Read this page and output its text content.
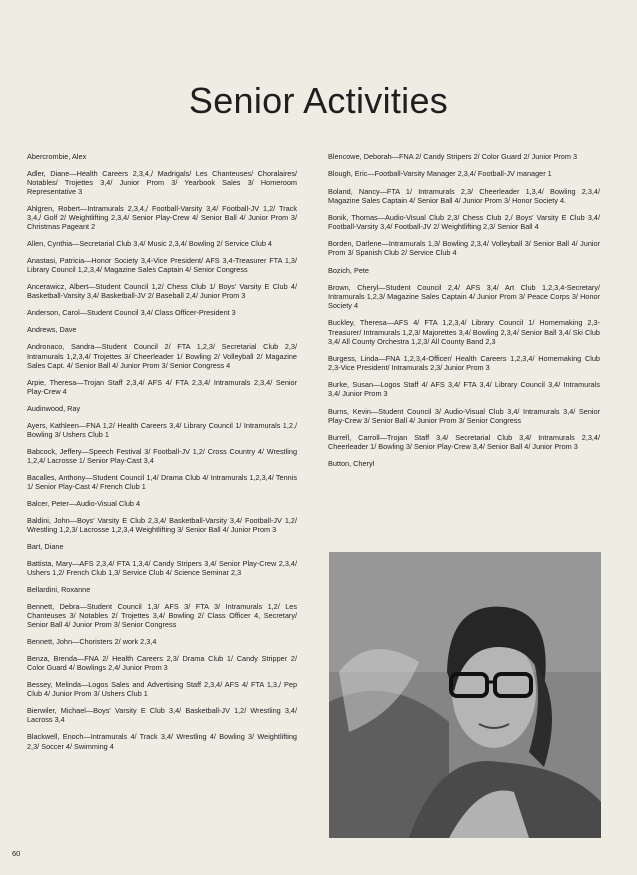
Senior Activities

Abercrombie, Alex

Adler, Diane—Health Careers 2,3,4,/ Madrigals/ Les Chanteuses/ Choralaires/ Notables/ Trojettes 3,4/ Junior Prom 3/ Yearbook Sales 3/ Homeroom Representative 3

Ahlgren, Robert—Intramurals 2,3,4,/ Football-Varsity 3,4/ Football-JV 1,2/ Track 3,4,/ Golf 2/ Weightlifting 2,3,4/ Senior Play-Crew 4/ Senior Ball 4/ Junior Prom 3/ Christmas Pageant 2

Allen, Cynthia—Secretarial Club 3,4/ Music 2,3,4/ Bowling 2/ Service Club 4

Anastasi, Patricia—Honor Society 3,4-Vice President/ AFS 3,4-Treasurer FTA 1,3/ Library Council 1,2,3,4/ Magazine Sales Captain 4/ Senior Congress

Ancerawicz, Albert—Student Council 1,2/ Chess Club 1/ Boys' Varsity E Club 4/ Basketball-Varsity 3,4/ Basketball-JV 2/ Baseball 2,4/ Junior Prom 3

Anderson, Carol—Student Council 3,4/ Class Officer-President 3

Andrews, Dave

Andronaco, Sandra—Student Council 2/ FTA 1,2,3/ Secretarial Club 2,3/ Intramurals 1,2,3,4/ Trojettes 3/ Cheerleader 1/ Bowling 2/ Volleyball 2/ Magazine Sales Capt. 4/ Senior Ball 4/ Junior Prom 3/ Senior Congress 4

Arpie, Theresa—Trojan Staff 2,3,4/ AFS 4/ FTA 2,3,4/ Intramurals 2,3,4/ Senior Play-Crew 4

Audinwood, Ray

Ayers, Kathleen—FNA 1,2/ Health Careers 3,4/ Library Council 1/ Intramurals 1,2,/ Bowling 3/ Ushers Club 1

Babcock, Jeffery—Speech Festival 3/ Football-JV 1,2/ Cross Country 4/ Wrestling 1,2,4/ Lacrosse 1/ Senior Play-Cast 3,4

Bacalles, Anthony—Student Council 1,4/ Drama Club 4/ Intramurals 1,2,3,4/ Tennis 1/ Senior Play-Cast 4/ French Club 1

Balcer, Peter—Audio-Visual Club 4

Baldini, John—Boys' Varsity E Club 2,3,4/ Basketball-Varsity 3,4/ Football-JV 1,2/ Wrestling 1,2,3/ Lacrosse 1,2,3,4 Weightlifting 3/ Senior Ball 4/ Junior Prom 3

Bart, Diane

Battista, Mary—AFS 2,3,4/ FTA 1,3,4/ Candy Stripers 3,4/ Senior Play-Crew 2,3,4/ Ushers 1,2/ French Club 1,3/ Service Club 4/ Science Seminar 2,3

Bellardini, Roxanne

Bennett, Debra—Student Council 1,3/ AFS 3/ FTA 3/ Intramurals 1,2/ Les Chanteuses 3/ Notables 2/ Trojettes 3,4/ Bowling 2/ Class Officer 4, Secretary/ Senior Ball 4/ Junior Prom 3/ Senior Congress

Bennett, John—Choristers 2/ work 2,3,4

Benza, Brenda—FNA 2/ Health Careers 2,3/ Drama Club 1/ Candy Stripper 2/ Color Guard 4/ Bowlings 2,4/ Junior Prom 3

Bessey, Melinda—Logos Sales and Advertising Staff 2,3,4/ AFS 4/ FTA 1,3,/ Pep Club 4/ Junior Prom 3/ Ushers Club 1

Bierwiler, Michael—Boys' Varsity E Club 3,4/ Basketball-JV 1,2/ Wrestling 3,4/ Lacross 3,4

Blackwell, Enoch—Intramurals 4/ Track 3,4/ Wrestling 4/ Bowling 3/ Weightlifting 2,3/ Soccer 4/ Swimming 4

Blencowe, Deborah—FNA 2/ Candy Stripers 2/ Color Guard 2/ Junior Prom 3

Blough, Eric—Football-Varsity Manager 2,3,4/ Football-JV manager 1

Boland, Nancy—FTA 1/ Intramurals 2,3/ Cheerleader 1,3,4/ Bowling 2,3,4/ Magazine Sales Captain 4/ Senior Ball 4/ Junior Prom 3/ Honor Society 4.

Bonik, Thomas—Audio-Visual Club 2,3/ Chess Club 2,/ Boys' Varsity E Club 3,4/ Football-Varsity 3,4/ Football-JV 2/ Weightlifting 2,3/ Senior Ball 4

Borden, Darlene—Intramurals 1,3/ Bowling 2,3,4/ Volleyball 3/ Senior Ball 4/ Junior Prom 3/ Spanish Club 2/ Service Club 4

Bozich, Pete

Brown, Cheryl—Student Council 2,4/ AFS 3,4/ Art Club 1,2,3,4-Secretary/ Intramurals 1,2,3/ Magazine Sales Captain 4/ Junior Prom 3/ Peace Corps 3/ Honor Society 4

Buckley, Theresa—AFS 4/ FTA 1,2,3,4/ Library Council 1/ Homemaking 2,3-Treasurer/ Intramurals 1,2,3/ Majorettes 3,4/ Bowling 2,3,4/ Senior Ball 3,4/ Ski Club 3,4/ All County Orchestra 1,2,3/ All County Band 2,3

Burgess, Linda—FNA 1,2,3,4-Officer/ Health Careers 1,2,3,4/ Homemaking Club 2,3-Vice President/ Intramurals 2,3/ Junior Prom 3

Burke, Susan—Logos Staff 4/ AFS 3,4/ FTA 3,4/ Library Council 3,4/ Intramurals 3,4/ Junior Prom 3

Burns, Kevin—Student Council 3/ Audio-Visual Club 3,4/ Intramurals 3,4/ Senior Play-Crew 3/ Senior Ball 4/ Junior Prom 3/ Senior Congress

Burrell, Carroll—Trojan Staff 3,4/ Secretarial Club 3,4/ Intramurals 2,3,4/ Cheerleader 1/ Bowling 3/ Senior Play-Crew 3,4/ Senior Ball 4/ Junior Prom 3

Button, Cheryl

60
